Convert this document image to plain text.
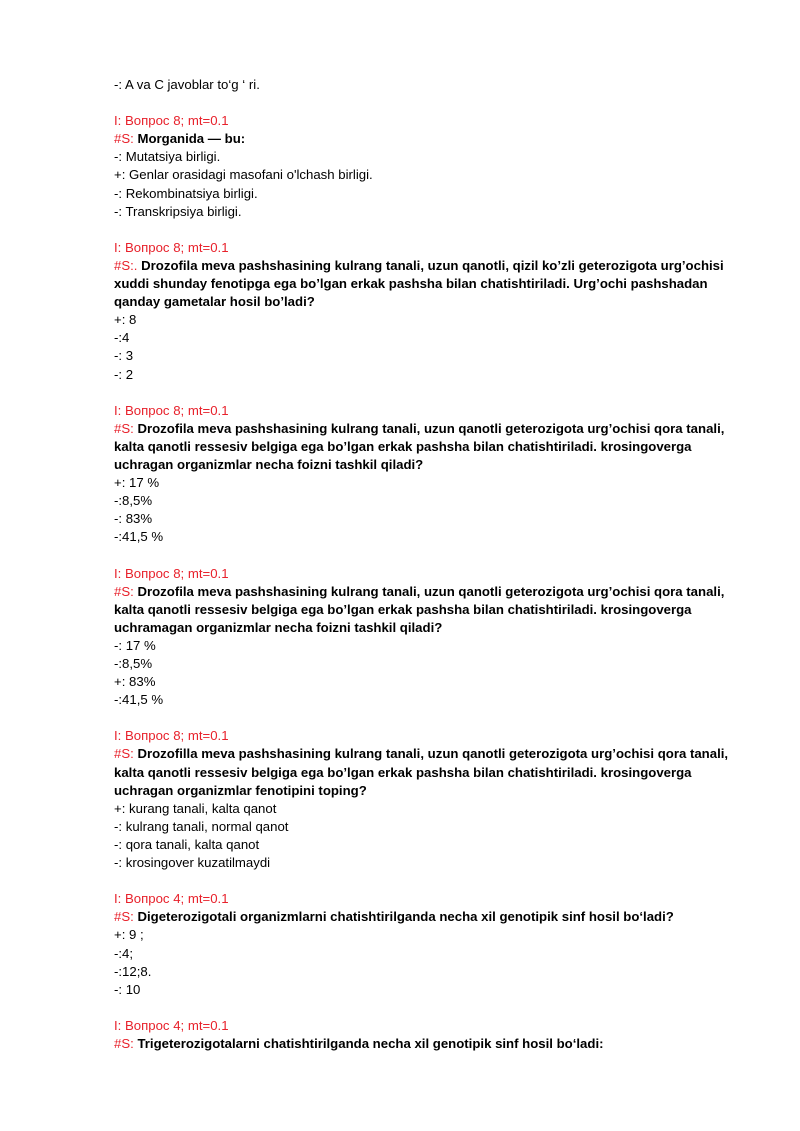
-: A va C javoblar to‘g ‘ ri.
I: Вопрос 8; mt=0.1
#S: Morganida — bu:
-: Mutatsiya birligi.
+: Genlar orasidagi masofani o'lchash birligi.
-: Rekombinatsiya birligi.
-: Transkripsiya birligi.
I: Вопрос 8; mt=0.1
#S:. Drozofila meva pashshasining kulrang tanali, uzun qanotli, qizil ko’zli geterozigota urg’ochisi xuddi shunday fenotipga ega bo’lgan erkak pashsha bilan chatishtiriladi. Urg’ochi pashshadan qanday gametalar hosil bo’ladi?
+: 8
-:4
-: 3
-: 2
I: Вопрос 8; mt=0.1
#S: Drozofila meva pashshasining kulrang tanali, uzun qanotli geterozigota urg’ochisi qora tanali, kalta qanotli ressesiv belgiga ega bo’lgan erkak pashsha bilan chatishtiriladi. krosingoverga uchragan organizmlar necha foizni tashkil qiladi?
+: 17 %
-:8,5%
-: 83%
-:41,5 %
I: Вопрос 8; mt=0.1
#S: Drozofila meva pashshasining kulrang tanali, uzun qanotli geterozigota urg’ochisi qora tanali, kalta qanotli ressesiv belgiga ega bo’lgan erkak pashsha bilan chatishtiriladi. krosingoverga uchramagan organizmlar necha foizni tashkil qiladi?
-: 17 %
-:8,5%
+: 83%
-:41,5 %
I: Вопрос 8; mt=0.1
#S: Drozofilla meva pashshasining kulrang tanali, uzun qanotli geterozigota urg’ochisi qora tanali, kalta qanotli ressesiv belgiga ega bo’lgan erkak pashsha bilan chatishtiriladi. krosingoverga uchragan organizmlar fenotipini toping?
+: kurang tanali, kalta qanot
-: kulrang tanali, normal qanot
-: qora tanali, kalta qanot
-: krosingover kuzatilmaydi
I: Вопрос 4; mt=0.1
#S: Digeterozigotali organizmlarni chatishtirilganda necha xil genotipik sinf hosil bo‘ladi?
+: 9 ;
-:4;
-:12;8.
-: 10
I: Вопрос 4; mt=0.1
#S: Trigeterozigotalarni chatishtirilganda necha xil genotipik sinf hosil bo‘ladi:
